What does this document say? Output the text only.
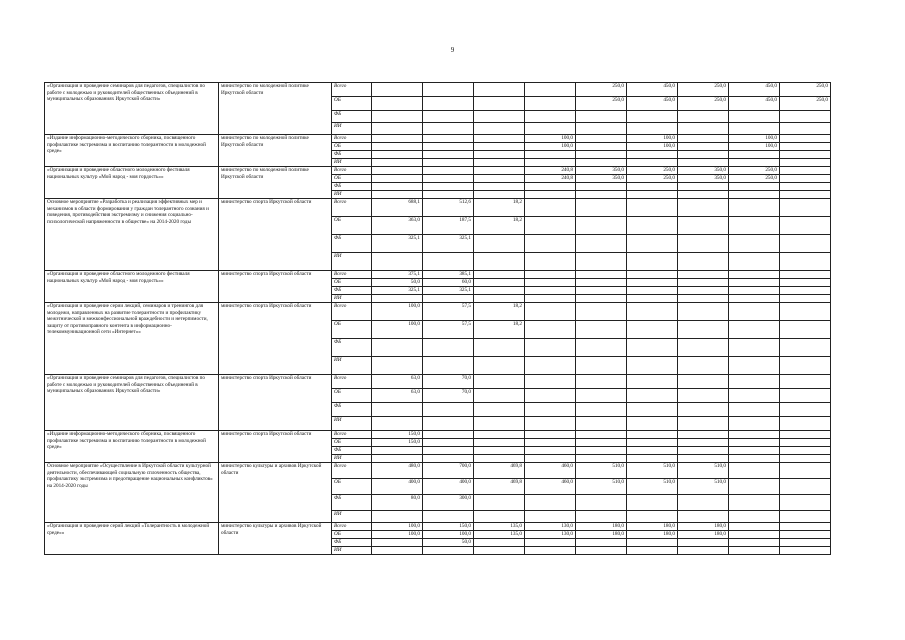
9
«Организация и проведение семинаров для педагогов, специалистов по работе с молодежью и руководителей общественных объединений в муниципальных образованиях Иркутской области»	министерство по молодежной политике Иркутской области	Всего					250,0	450,0	250,0	450,0	250,0
		ОБ					250,0	450,0	250,0	450,0	250,0
		ФБ									
		ИИ									

«Издание информационно-методического сборника, посвященного профилактике экстремизма и воспитанию толерантности в молодежной среде»	министерство по молодежной политике Иркутской области	Всего				100,0		100,0		100,0	
		ОБ				100,0		100,0		100,0	
		ФБ									
		ИИ									

«Организация и проведение областного молодежного фестиваля национальных культур «Мой народ - моя гордость»»	министерство по молодежной политике Иркутской области	Всего				240,8	350,0	250,0	350,0	250,0	
		ОБ				240,8	350,0	250,0	350,0	250,0	
		ФБ									
		ИИ									

Основное мероприятие «Разработка и реализация эффективных мер и механизмов в области формирования у граждан толерантного сознания и поведения, противодействия экстремизму и снижения социально-психологической напряженности в обществе» на 2014-2020 годы	министерство спорта Иркутской области	Всего	688,1	512,6	18,2						
		ОБ	363,0	187,5	18,2						
		ФБ	325,1	325,1							
		ИИ									

«Организация и проведение областного молодежного фестиваля национальных культур «Мой народ - моя гордость»»	министерство спорта Иркутской области	Всего	375,1	385,1							
		ОБ	50,0	60,0							
		ФБ	325,1	325,1							
		ИИ									

«Организация и проведение серии лекций, семинаров и тренингов для молодежи, направленных на развитие толерантности и профилактику межэтнической и межконфессиональной враждебности и нетерпимости, защиту от противоправного контента в информационно-телекоммуникационной сети «Интернет»»	министерство спорта Иркутской области	Всего	100,0	57,5	18,2						
		ОБ	100,0	57,5	18,2						
		ФБ									
		ИИ									

«Организация и проведение семинаров для педагогов, специалистов по работе с молодежью и руководителей общественных объединений в муниципальных образованиях Иркутской области»	министерство спорта Иркутской области	Всего	63,0	70,0							
		ОБ	63,0	70,0							
		ФБ									
		ИИ									

«Издание информационно-методического сборника, посвященного профилактике экстремизма и воспитанию толерантности в молодежной среде»	министерство спорта Иркутской области	Всего	150,0								
		ОБ	150,0								
		ФБ									
		ИИ									

Основное мероприятие «Осуществление в Иркутской области культурной деятельности, обеспечивающей социальную сплоченность общества, профилактику экстремизма и предотвращение национальных конфликтов» на 2014-2020 годы	министерство культуры и архивов Иркутской области	Всего	480,0	700,0	469,8	460,0	510,0	510,0	510,0		
		ОБ	400,0	400,0	469,8	460,0	510,0	510,0	510,0		
		ФБ	80,0	300,0							
		ИИ									

«Организация и проведение серий лекций «Толерантность в молодежной среде»»	министерство культуры и архивов Иркутской области	Всего	100,0	150,0	135,0	130,0	180,0	180,0	180,0		
		ОБ	100,0	100,0	135,0	130,0	180,0	180,0	180,0		
		ФБ		50,0							
		ИИ									
